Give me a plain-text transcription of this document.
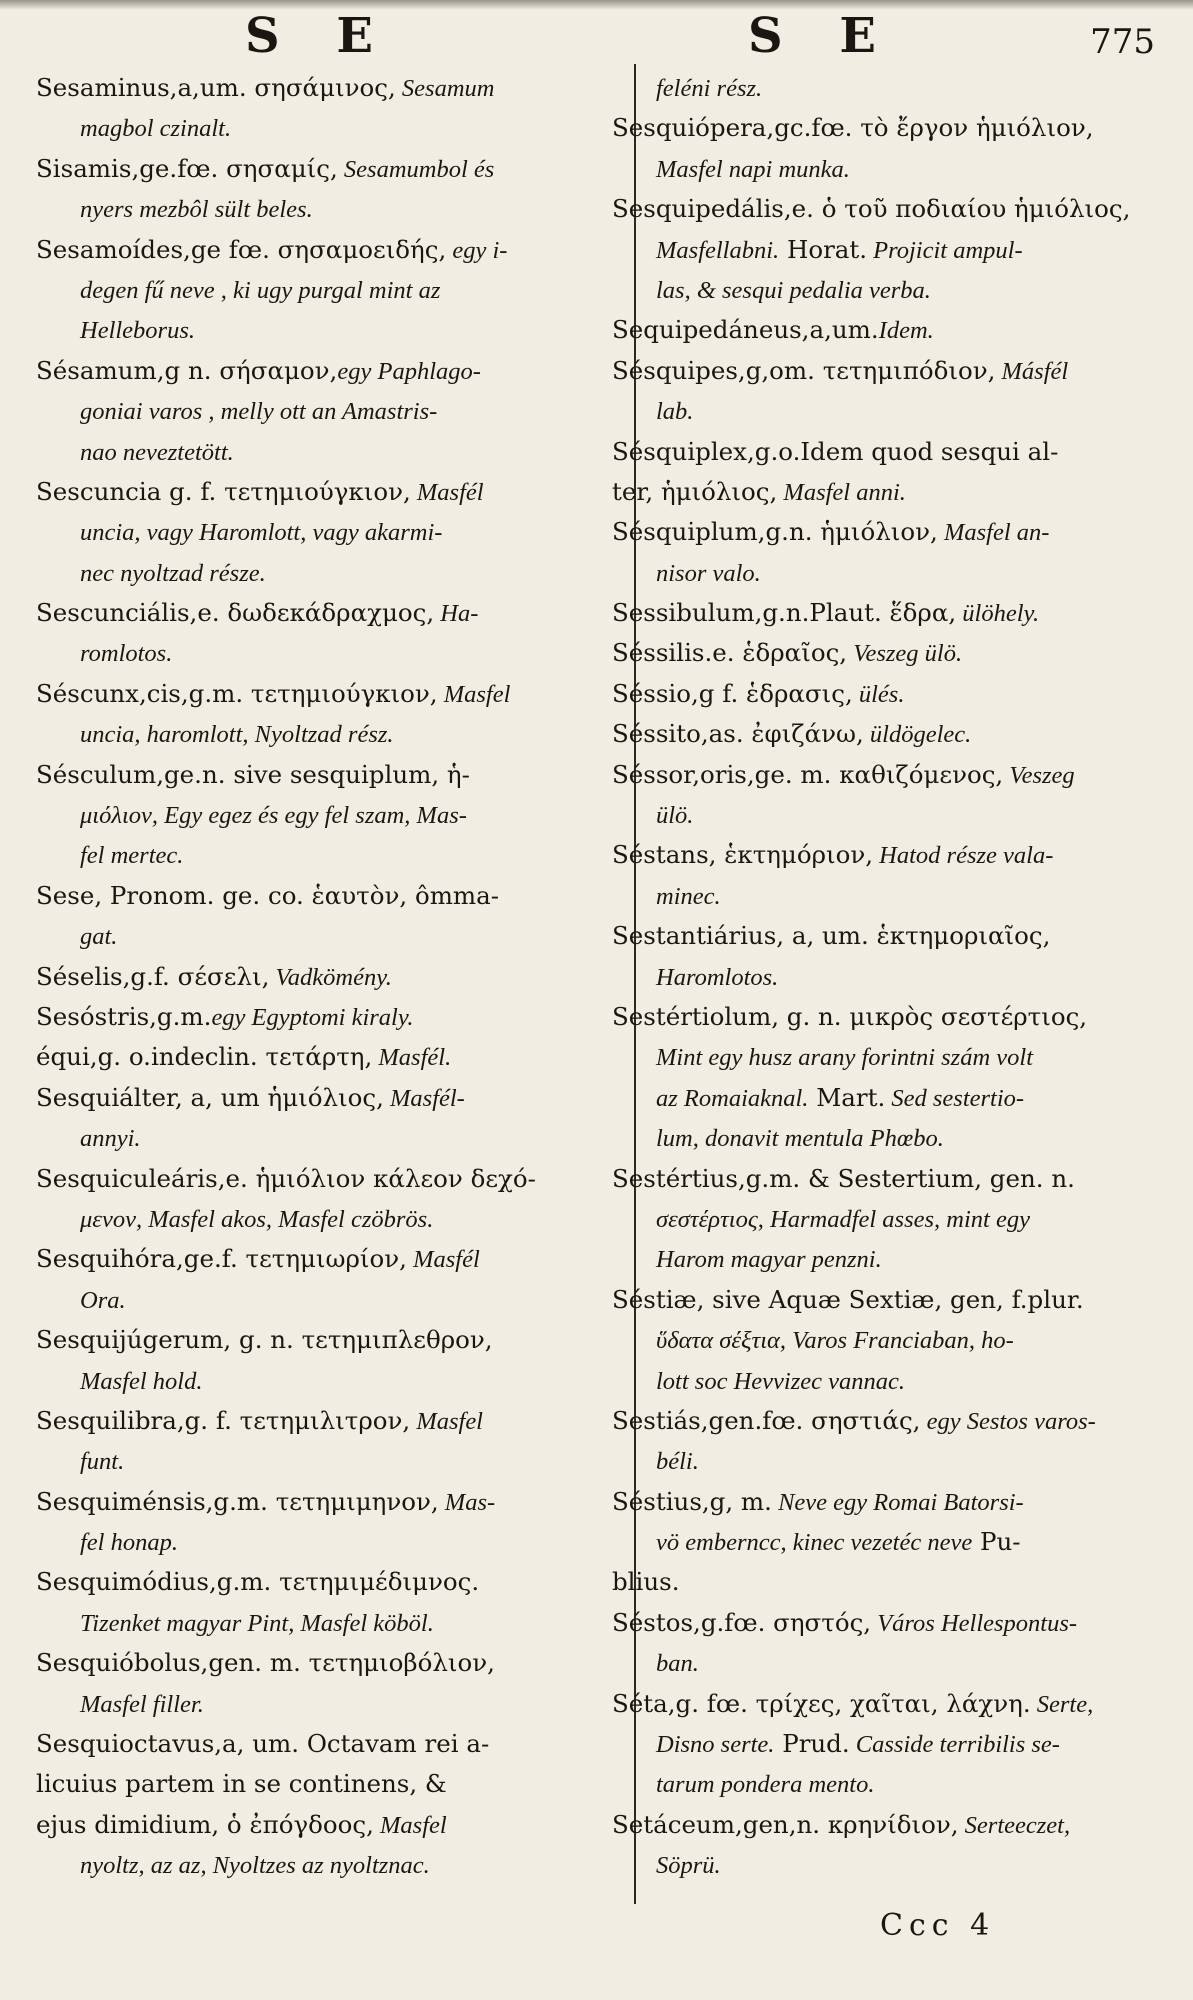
S E	S E	775
Sesaminus,a,um. σησάμινος, Sesamum
magbol czinalt.
Sisamis,ge.fœ. σησαμίς, Sesamumbol és
nyers mezbôl sült beles.
Sesamoídes,ge fœ. σησαμοειδής, egy i-
degen fű neve , ki ugy purgal mint az
Helleborus.
Sésamum,g n. σήσαμον,egy Paphlago-
goniai varos , melly ott an Amastris-
nao neveztetött.
Sescuncia g. f. τετημιούγκιον, Masfél
uncia, vagy Haromlott, vagy akarmi-
nec nyoltzad része.
Sescunciális,e. δωδεκάδραχμος, Ha-
romlotos.
Séscunx,cis,g.m. τετημιούγκιον, Masfel
uncia, haromlott, Nyoltzad rész.
Sésculum,ge.n. sive sesquiplum, ἡ-
μιόλιον, Egy egez és egy fel szam, Mas-
fel mertec.
Sese, Pronom. ge. co. ἑαυτὸν, ômma-
gat.
Séselis,g.f. σέσελι, Vadkömény.
Sesóstris,g.m.egy Egyptomi kiraly.
équi,g. o.indeclin. τετάρτη, Masfél.
Sesquiálter, a, um ἡμιόλιος, Masfél-
annyi.
Sesquiculeáris,e. ἡμιόλιον κάλεον δεχό-
μενον, Masfel akos, Masfel czöbrös.
Sesquihóra,ge.f. τετημιωρίον, Masfél
Ora.
Sesquijúgerum, g. n. τετημιπλεθρον,
Masfel hold.
Sesquilibra,g. f. τετημιλιτρον, Masfel
funt.
Sesquiménsis,g.m. τετημιμηνον, Mas-
fel honap.
Sesquimódius,g.m. τετημιμέδιμνος.
Tizenket magyar Pint, Masfel köböl.
Sesquióbolus,gen. m. τετημιοβόλιον,
Masfel filler.
Sesquioctavus,a, um. Octavam rei a-
licuius partem in se continens, &
ejus dimidium, ὁ ἐπόγδοος, Masfel
nyoltz, az az, Nyoltzes az nyoltznac.
feléni rész.
Sesquiópera,gc.fœ. τὸ ἔργον ἡμιόλιον,
Masfel napi munka.
Sesquipedális,e. ὁ τοῦ ποδιαίου ἡμιόλιος,
Masfellabni. Horat. Projicit ampul-
las, & sesqui pedalia verba.
Sequipedáneus,a,um.Idem.
Sésquipes,g,om. τετημιπόδιον, Másfél
lab.
Sésquiplex,g.o.Idem quod sesqui al-
ter, ἡμιόλιος, Masfel anni.
Sésquiplum,g.n. ἡμιόλιον, Masfel an-
nisor valo.
Sessibulum,g.n.Plaut. ἕδρα, ülöhely.
Séssilis.e. ἑδραῖος, Veszeg ülö.
Séssio,g f. ἑδρασις, ülés.
Séssito,as. ἐφιζάνω, üldögelec.
Séssor,oris,ge. m. καθιζόμενος, Veszeg
ülö.
Séstans, ἑκτημόριον, Hatod része vala-
minec.
Sestantiárius, a, um. ἑκτημοριαῖος,
Haromlotos.
Sestértiolum, g. n. μικρὸς σεστέρτιος,
Mint egy husz arany forintni szám volt
az Romaiaknal. Mart. Sed sestertio-
lum, donavit mentula Phœbo.
Sestértius,g.m. & Sestertium, gen. n.
σεστέρτιος, Harmadfel asses, mint egy
Harom magyar penzni.
Séstiæ, sive Aquæ Sextiæ, gen, f.plur.
ὕδατα σέξτια, Varos Franciaban, ho-
lott soc Hevvizec vannac.
Sestiás,gen.fœ. σηστιάς, egy Sestos varos-
béli.
Séstius,g, m. Neve egy Romai Batorsi-
vö emberncc, kinec vezetéc neve Pu-
blius.
Séstos,g.fœ. σηστός, Város Hellespontus-
ban.
Séta,g. fœ. τρίχες, χαῖται, λάχνη. Serte,
Disno serte. Prud. Casside terribilis se-
tarum pondera mento.
Setáceum,gen,n. κρηνίδιον, Serteeczet,
Söprü.
Ccc 4
